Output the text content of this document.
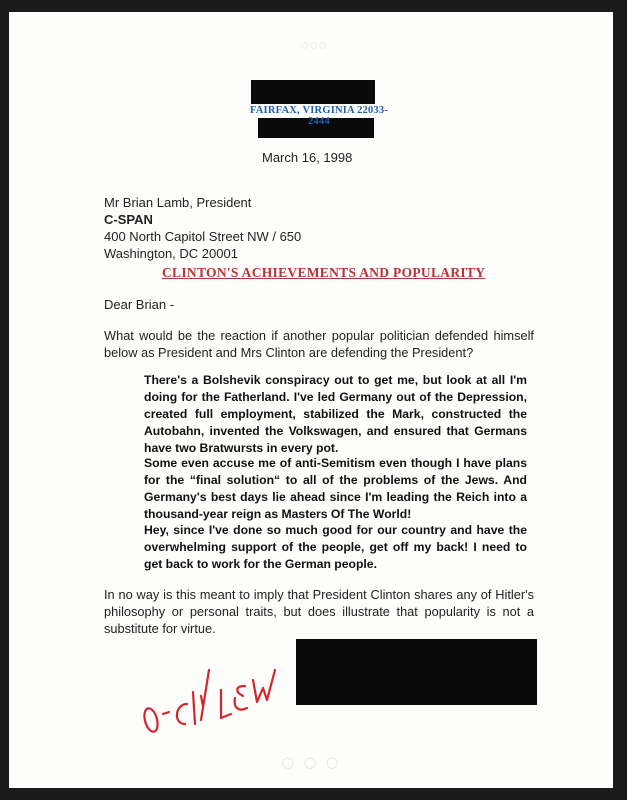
○○○
○ ○ ○
FAIRFAX, VIRGINIA 22033-2444
March 16, 1998
Mr Brian Lamb, President
C-SPAN
400 North Capitol Street NW / 650
Washington, DC 20001
CLINTON'S ACHIEVEMENTS AND POPULARITY
Dear Brian -
What would be the reaction if another popular politician defended himself below as President and Mrs Clinton are defending the President?
There's a Bolshevik conspiracy out to get me, but look at all I'm doing for the Fatherland. I've led Germany out of the Depression, created full employment, stabilized the Mark, constructed the Autobahn, invented the Volkswagen, and ensured that Germans have two Bratwursts in every pot.
Some even accuse me of anti-Semitism even though I have plans for the “final solution“ to all of the problems of the Jews. And Germany's best days lie ahead since I'm leading the Reich into a thousand-year reign as Masters Of The World!
Hey, since I've done so much good for our country and have the overwhelming support of the people, get off my back! I need to get back to work for the German people.
In no way is this meant to imply that President Clinton shares any of Hitler's philosophy or personal traits, but does illustrate that popularity is not a substitute for virtue.
